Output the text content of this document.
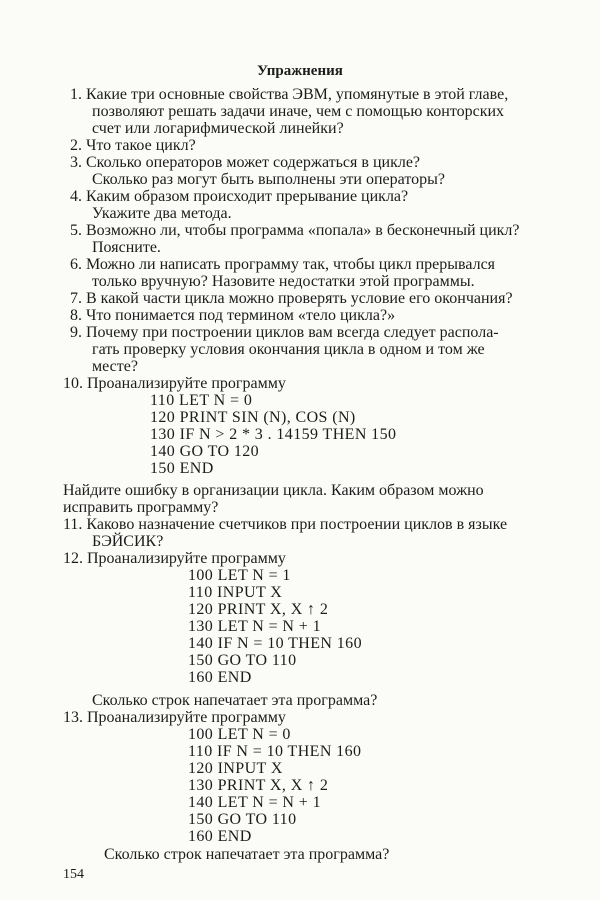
Упражнения
1. Какие три основные свойства ЭВМ, упомянутые в этой главе,
позволяют решать задачи иначе, чем с помощью конторских
счет или логарифмической линейки?
2. Что такое цикл?
3. Сколько операторов может содержаться в цикле?
Сколько раз могут быть выполнены эти операторы?
4. Каким образом происходит прерывание цикла?
Укажите два метода.
5. Возможно ли, чтобы программа «попала» в бесконечный цикл?
Поясните.
6. Можно ли написать программу так, чтобы цикл прерывался
только вручную? Назовите недостатки этой программы.
7. В какой части цикла можно проверять условие его окончания?
8. Что понимается под термином «тело цикла?»
9. Почему при построении циклов вам всегда следует распола-
гать проверку условия окончания цикла в одном и том же
месте?
10. Проанализируйте программу
110 LET N = 0
120 PRINT SIN (N), COS (N)
130 IF N > 2 * 3 . 14159 THEN 150
140 GO TO 120
150 END
Найдите ошибку в организации цикла. Каким образом можно
исправить программу?
11. Каково назначение счетчиков при построении циклов в языке
БЭЙСИК?
12. Проанализируйте программу
100 LET N = 1
110 INPUT X
120 PRINT X, X ↑ 2
130 LET N = N + 1
140 IF N = 10 THEN 160
150 GO TO 110
160 END
Сколько строк напечатает эта программа?
13. Проанализируйте программу
100 LET N = 0
110 IF N = 10 THEN 160
120 INPUT X
130 PRINT X, X ↑ 2
140 LET N = N + 1
150 GO TO 110
160 END
Сколько строк напечатает эта программа?
154
